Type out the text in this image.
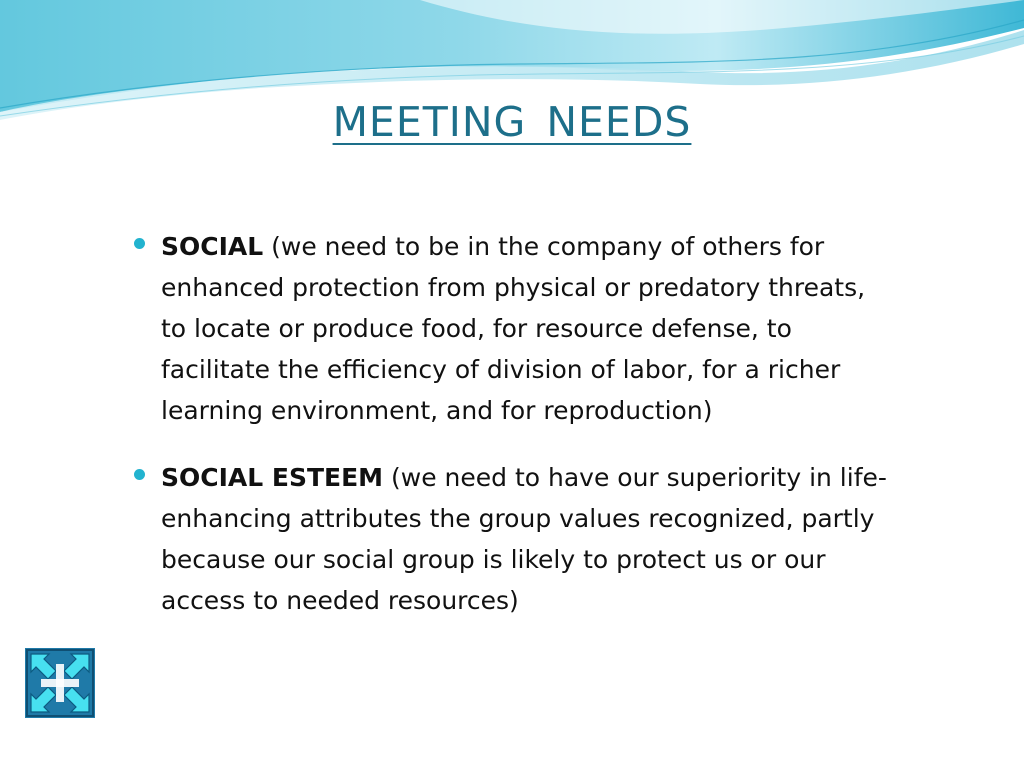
MEETING NEEDS
SOCIAL (we need to be in the company of others for enhanced protection from physical or predatory threats, to locate or produce food, for resource defense, to facilitate the efficiency of division of labor, for a richer learning environment, and for reproduction)
SOCIAL ESTEEM (we need to have our superiority in life-enhancing attributes the group values recognized, partly because our social group is likely to protect us or our access to needed resources)
